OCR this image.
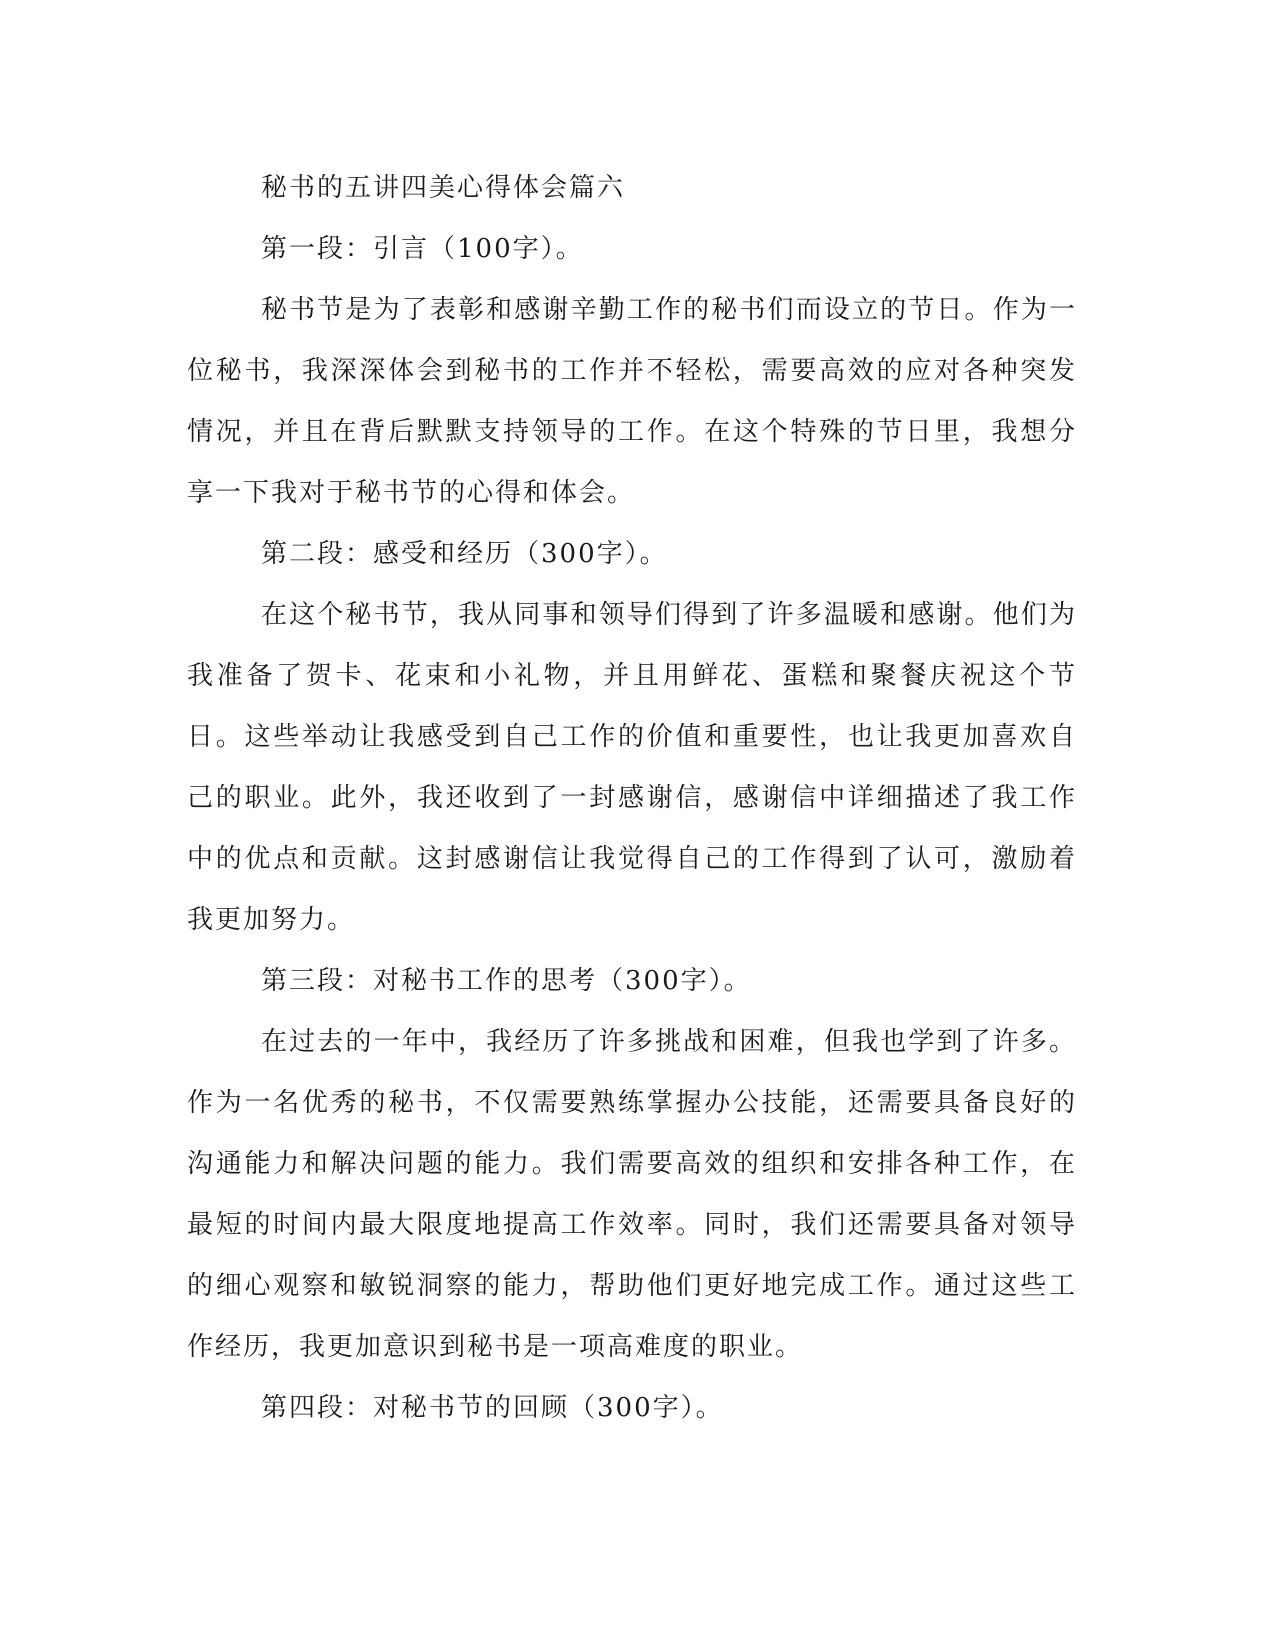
秘书的五讲四美心得体会篇六

第一段：引言（100字）。

秘书节是为了表彰和感谢辛勤工作的秘书们而设立的节日。作为一位秘书，我深深体会到秘书的工作并不轻松，需要高效的应对各种突发情况，并且在背后默默支持领导的工作。在这个特殊的节日里，我想分享一下我对于秘书节的心得和体会。

第二段：感受和经历（300字）。

在这个秘书节，我从同事和领导们得到了许多温暖和感谢。他们为我准备了贺卡、花束和小礼物，并且用鲜花、蛋糕和聚餐庆祝这个节日。这些举动让我感受到自己工作的价值和重要性，也让我更加喜欢自己的职业。此外，我还收到了一封感谢信，感谢信中详细描述了我工作中的优点和贡献。这封感谢信让我觉得自己的工作得到了认可，激励着我更加努力。

第三段：对秘书工作的思考（300字）。

在过去的一年中，我经历了许多挑战和困难，但我也学到了许多。作为一名优秀的秘书，不仅需要熟练掌握办公技能，还需要具备良好的沟通能力和解决问题的能力。我们需要高效的组织和安排各种工作，在最短的时间内最大限度地提高工作效率。同时，我们还需要具备对领导的细心观察和敏锐洞察的能力，帮助他们更好地完成工作。通过这些工作经历，我更加意识到秘书是一项高难度的职业。

第四段：对秘书节的回顾（300字）。
